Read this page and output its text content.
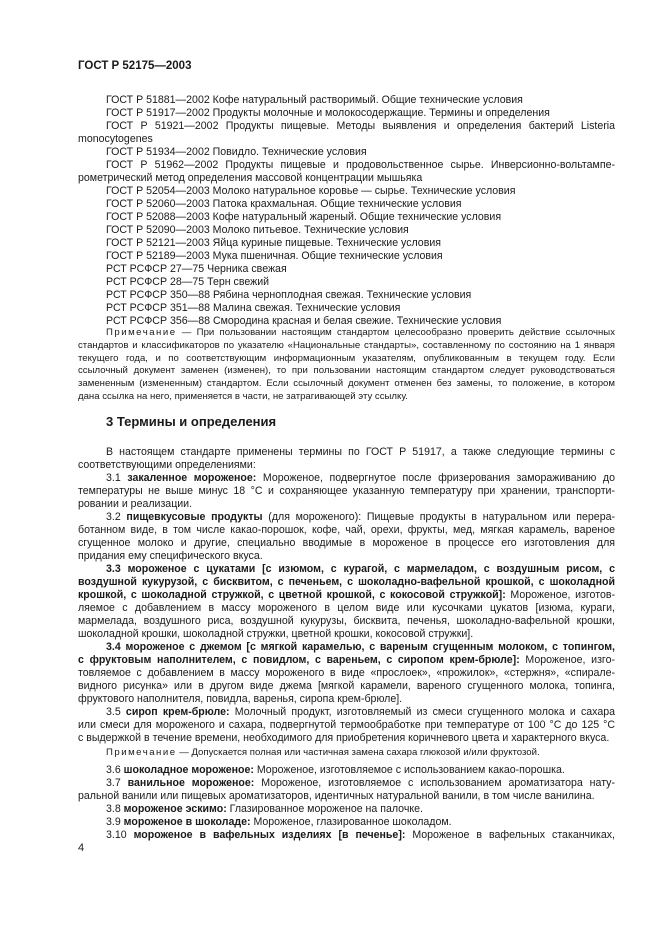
ГОСТ Р 52175—2003
ГОСТ Р 51881—2002 Кофе натуральный растворимый. Общие технические условия
ГОСТ Р 51917—2002 Продукты молочные и молокосодержащие. Термины и определения
ГОСТ Р 51921—2002 Продукты пищевые. Методы выявления и определения бактерий Listeria
monocytogenes
ГОСТ Р 51934—2002 Повидло. Технические условия
ГОСТ Р 51962—2002 Продукты пищевые и продовольственное сырье. Инверсионно-вольтампе-
рометрический метод определения массовой концентрации мышьяка
ГОСТ Р 52054—2003 Молоко натуральное коровье — сырье. Технические условия
ГОСТ Р 52060—2003 Патока крахмальная. Общие технические условия
ГОСТ Р 52088—2003 Кофе натуральный жареный. Общие технические условия
ГОСТ Р 52090—2003 Молоко питьевое. Технические условия
ГОСТ Р 52121—2003 Яйца куриные пищевые. Технические условия
ГОСТ Р 52189—2003 Мука пшеничная. Общие технические условия
РСТ РСФСР 27—75 Черника свежая
РСТ РСФСР 28—75 Терн свежий
РСТ РСФСР 350—88 Рябина черноплодная свежая. Технические условия
РСТ РСФСР 351—88 Малина свежая. Технические условия
РСТ РСФСР 356—88 Смородина красная и белая свежие. Технические условия
Примечание — При пользовании настоящим стандартом целесообразно проверить действие ссылочных
стандартов и классификаторов по указателю «Национальные стандарты», составленному по состоянию на 1 января
текущего года, и по соответствующим информационным указателям, опубликованным в текущем году. Если
ссылочный документ заменен (изменен), то при пользовании настоящим стандартом следует руководствоваться
замененным (измененным) стандартом. Если ссылочный документ отменен без замены, то положение, в котором
дана ссылка на него, применяется в части, не затрагивающей эту ссылку.
3 Термины и определения
В настоящем стандарте применены термины по ГОСТ Р 51917, а также следующие термины с
соответствующими определениями:
3.1 закаленное мороженое: Мороженое, подвергнутое после фризерования замораживанию до
температуры не выше минус 18 °С и сохраняющее указанную температуру при хранении, транспорти-
ровании и реализации.
3.2 пищевкусовые продукты (для мороженого): Пищевые продукты в натуральном или перера-
ботанном виде, в том числе какао-порошок, кофе, чай, орехи, фрукты, мед, мягкая карамель, вареное
сгущенное молоко и другие, специально вводимые в мороженое в процессе его изготовления для
придания ему специфического вкуса.
3.3 мороженое с цукатами [с изюмом, с курагой, с мармеладом, с воздушным рисом, с
воздушной кукурузой, с бисквитом, с печеньем, с шоколадно-вафельной крошкой, с шоколадной
крошкой, с шоколадной стружкой, с цветной крошкой, с кокосовой стружкой]: Мороженое, изготов-
ляемое с добавлением в массу мороженого в целом виде или кусочками цукатов [изюма, кураги,
мармелада, воздушного риса, воздушной кукурузы, бисквита, печенья, шоколадно-вафельной крошки,
шоколадной крошки, шоколадной стружки, цветной крошки, кокосовой стружки].
3.4 мороженое с джемом [с мягкой карамелью, с вареным сгущенным молоком, с топингом,
с фруктовым наполнителем, с повидлом, с вареньем, с сиропом крем-брюле]: Мороженое, изго-
товляемое с добавлением в массу мороженого в виде «прослоек», «прожилок», «стержня», «спирале-
видного рисунка» или в другом виде джема [мягкой карамели, вареного сгущенного молока, топинга,
фруктового наполнителя, повидла, варенья, сиропа крем-брюле].
3.5 сироп крем-брюле: Молочный продукт, изготовляемый из смеси сгущенного молока и сахара
или смеси для мороженого и сахара, подвергнутой термообработке при температуре от 100 °С до 125 °С
с выдержкой в течение времени, необходимого для приобретения коричневого цвета и характерного вкуса.
Примечание — Допускается полная или частичная замена сахара глюкозой и/или фруктозой.
3.6 шоколадное мороженое: Мороженое, изготовляемое с использованием какао-порошка.
3.7 ванильное мороженое: Мороженое, изготовляемое с использованием ароматизатора нату-
ральной ванили или пищевых ароматизаторов, идентичных натуральной ванили, в том числе ванилина.
3.8 мороженое эскимо: Глазированное мороженое на палочке.
3.9 мороженое в шоколаде: Мороженое, глазированное шоколадом.
3.10 мороженое в вафельных изделиях [в печенье]: Мороженое в вафельных стаканчиках,
4
